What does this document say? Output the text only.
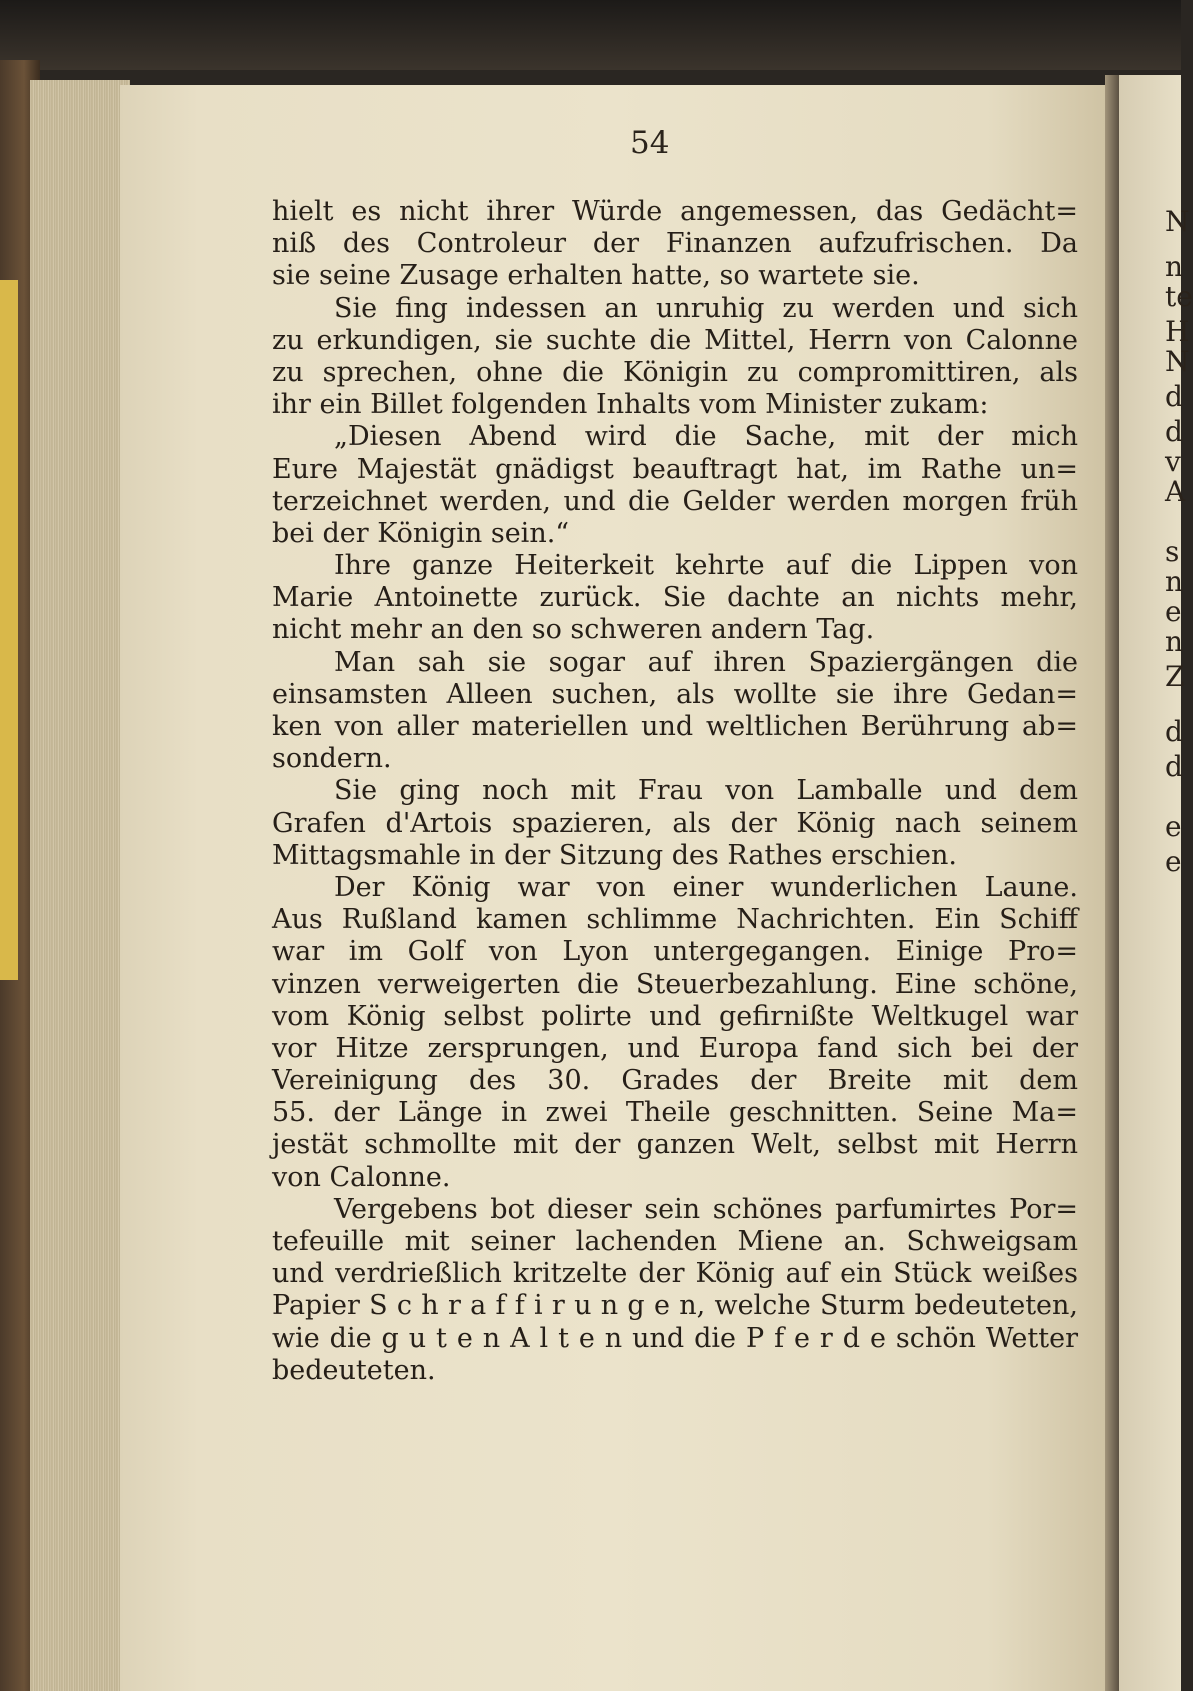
N
n
te
H
N
d
d
v
A
s
n
e
n
Z
d
d
e
e
54
hielt es nicht ihrer Würde angemessen, das Gedächt=
niß des Controleur der Finanzen aufzufrischen. Da
sie seine Zusage erhalten hatte, so wartete sie.
Sie fing indessen an unruhig zu werden und sich
zu erkundigen, sie suchte die Mittel, Herrn von Calonne
zu sprechen, ohne die Königin zu compromittiren, als
ihr ein Billet folgenden Inhalts vom Minister zukam:
„Diesen Abend wird die Sache, mit der mich
Eure Majestät gnädigst beauftragt hat, im Rathe un=
terzeichnet werden, und die Gelder werden morgen früh
bei der Königin sein.“
Ihre ganze Heiterkeit kehrte auf die Lippen von
Marie Antoinette zurück. Sie dachte an nichts mehr,
nicht mehr an den so schweren andern Tag.
Man sah sie sogar auf ihren Spaziergängen die
einsamsten Alleen suchen, als wollte sie ihre Gedan=
ken von aller materiellen und weltlichen Berührung ab=
sondern.
Sie ging noch mit Frau von Lamballe und dem
Grafen d'Artois spazieren, als der König nach seinem
Mittagsmahle in der Sitzung des Rathes erschien.
Der König war von einer wunderlichen Laune.
Aus Rußland kamen schlimme Nachrichten. Ein Schiff
war im Golf von Lyon untergegangen. Einige Pro=
vinzen verweigerten die Steuerbezahlung. Eine schöne,
vom König selbst polirte und gefirnißte Weltkugel war
vor Hitze zersprungen, und Europa fand sich bei der
Vereinigung des 30. Grades der Breite mit dem
55. der Länge in zwei Theile geschnitten. Seine Ma=
jestät schmollte mit der ganzen Welt, selbst mit Herrn
von Calonne.
Vergebens bot dieser sein schönes parfumirtes Por=
tefeuille mit seiner lachenden Miene an. Schweigsam
und verdrießlich kritzelte der König auf ein Stück weißes
Papier S c h r a f f i r u n g e n, welche Sturm bedeuteten,
wie die g u t e n A l t e n und die P f e r d e schön Wetter
bedeuteten.
